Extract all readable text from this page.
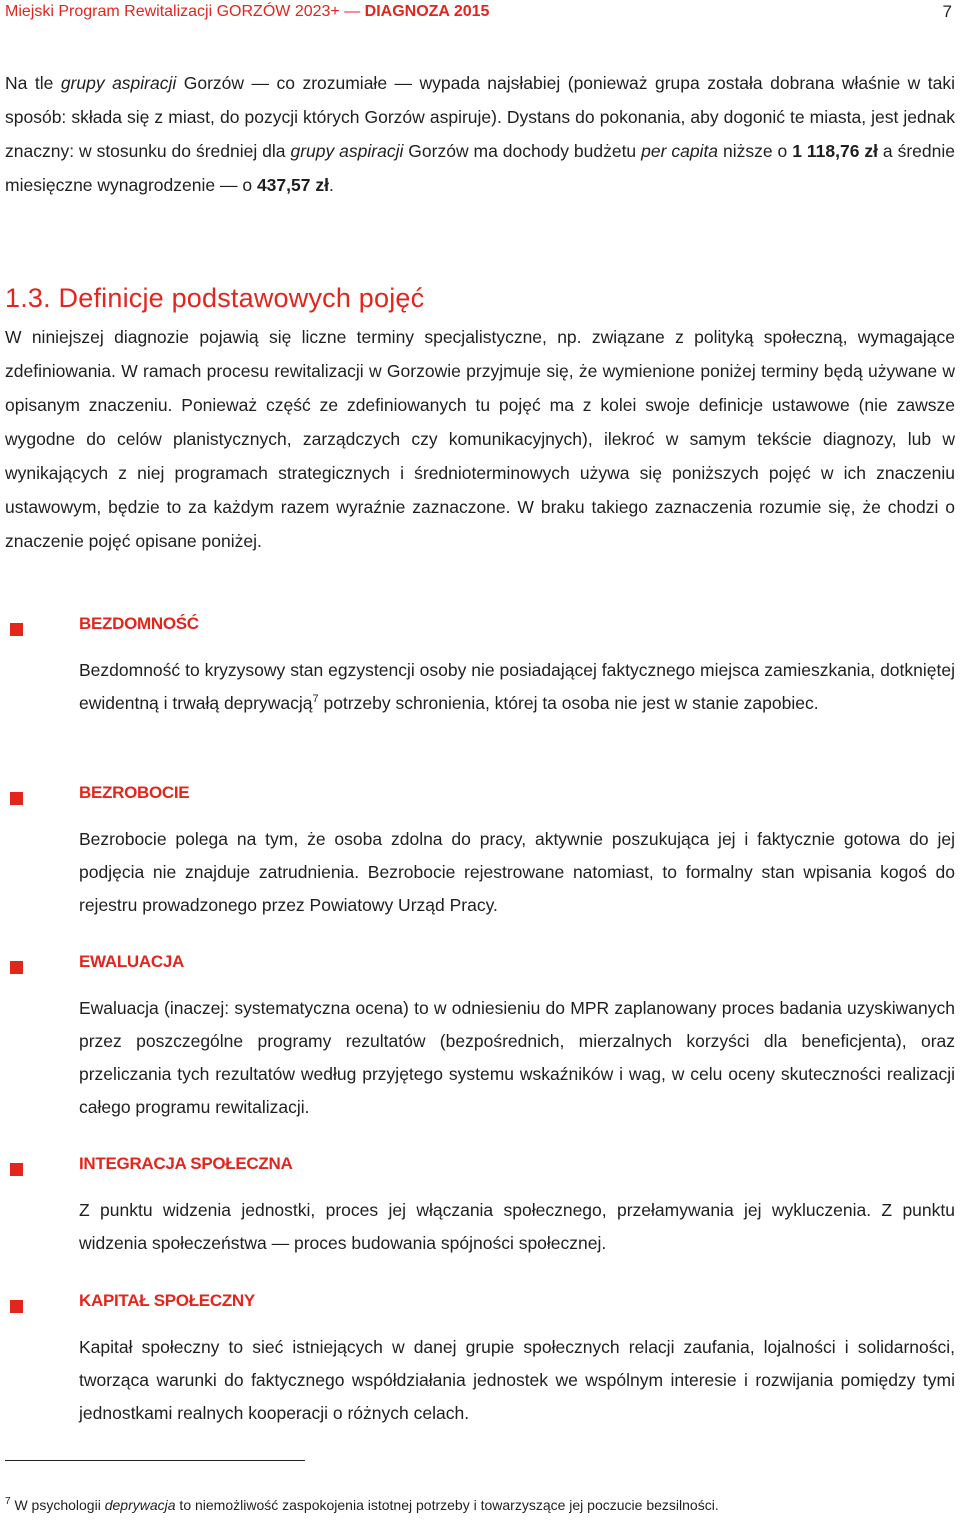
Miejski Program Rewitalizacji GORZÓW 2023+ — DIAGNOZA 2015	7

Na tle grupy aspiracji Gorzów — co zrozumiałe — wypada najsłabiej (ponieważ grupa została dobrana właśnie w taki sposób: składa się z miast, do pozycji których Gorzów aspiruje). Dystans do pokonania, aby dogonić te miasta, jest jednak znaczny: w stosunku do średniej dla grupy aspiracji Gorzów ma dochody budżetu per capita niższe o 1 118,76 zł a średnie miesięczne wynagrodzenie — o 437,57 zł.

1.3. Definicje podstawowych pojęć

W niniejszej diagnozie pojawią się liczne terminy specjalistyczne, np. związane z polityką społeczną, wymagające zdefiniowania. W ramach procesu rewitalizacji w Gorzowie przyjmuje się, że wymienione poniżej terminy będą używane w opisanym znaczeniu. Ponieważ część ze zdefiniowanych tu pojęć ma z kolei swoje definicje ustawowe (nie zawsze wygodne do celów planistycznych, zarządczych czy komunikacyjnych), ilekroć w samym tekście diagnozy, lub w wynikających z niej programach strategicznych i średnioterminowych używa się poniższych pojęć w ich znaczeniu ustawowym, będzie to za każdym razem wyraźnie zaznaczone. W braku takiego zaznaczenia rozumie się, że chodzi o znaczenie pojęć opisane poniżej.

BEZDOMNOŚĆ

Bezdomność to kryzysowy stan egzystencji osoby nie posiadającej faktycznego miejsca zamieszkania, dotkniętej ewidentną i trwałą deprywacją$^7$ potrzeby schronienia, której ta osoba nie jest w stanie zapobiec.

BEZROBOCIE

Bezrobocie polega na tym, że osoba zdolna do pracy, aktywnie poszukująca jej i faktycznie gotowa do jej podjęcia nie znajduje zatrudnienia. Bezrobocie rejestrowane natomiast, to formalny stan wpisania kogoś do rejestru prowadzonego przez Powiatowy Urząd Pracy.

EWALUACJA

Ewaluacja (inaczej: systematyczna ocena) to w odniesieniu do MPR zaplanowany proces badania uzyskiwanych przez poszczególne programy rezultatów (bezpośrednich, mierzalnych korzyści dla beneficjenta), oraz przeliczania tych rezultatów według przyjętego systemu wskaźników i wag, w celu oceny skuteczności realizacji całego programu rewitalizacji.

INTEGRACJA SPOŁECZNA

Z punktu widzenia jednostki, proces jej włączania społecznego, przełamywania jej wykluczenia. Z punktu widzenia społeczeństwa — proces budowania spójności społecznej.

KAPITAŁ SPOŁECZNY

Kapitał społeczny to sieć istniejących w danej grupie społecznych relacji zaufania, lojalności i solidarności, tworząca warunki do faktycznego współdziałania jednostek we wspólnym interesie i rozwijania pomiędzy tymi jednostkami realnych kooperacji o różnych celach.

$^7$ W psychologii deprywacja to niemożliwość zaspokojenia istotnej potrzeby i towarzyszące jej poczucie bezsilności.
